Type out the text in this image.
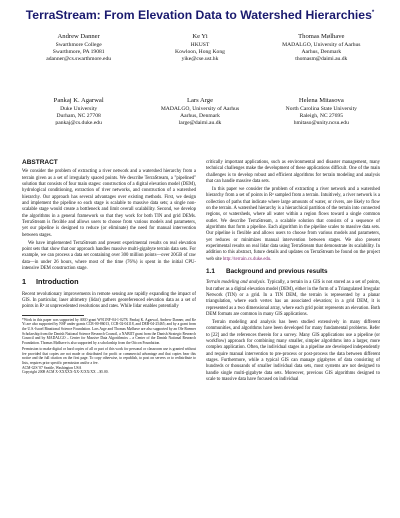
TerraStream: From Elevation Data to Watershed Hierarchies*
Andrew Danner
Swarthmore College
Swarthmore, PA 19081
adanner@cs.swarthmore.edu
Ke Yi
HKUST
Kowloon, Hong Kong
yike@cse.ust.hk
Thomas Mølhave
MADALGO, University of Aarhus
Aarhus, Denmark
thomasm@daimi.au.dk
Pankaj K. Agarwal
Duke University
Durham, NC 27708
pankaj@cs.duke.edu
Lars Arge
MADALGO, University of Aarhus
Aarhus, Denmark
large@daimi.au.dk
Helena Mitasova
North Carolina State University
Raleigh, NC 27695
hmitaso@unity.ncsu.edu
ABSTRACT

We consider the problem of extracting a river network and a watershed hierarchy from a terrain given as a set of irregularly spaced points. We describe TerraStream, a "pipelined" solution that consists of four main stages: construction of a digital elevation model (DEM), hydrological conditioning, extraction of river networks, and construction of a watershed hierarchy. Our approach has several advantages over existing methods. First, we design and implement the pipeline so each stage is scalable to massive data sets; a single non-scalable stage would create a bottleneck and limit overall scalability. Second, we develop the algorithms in a general framework so that they work for both TIN and grid DEMs. TerraStream is flexible and allows users to choose from various models and parameters, yet our pipeline is designed to reduce (or eliminate) the need for manual intervention between stages.

We have implemented TerraStream and present experimental results on real elevation point sets that show that our approach handles massive multi-gigabyte terrain data sets. For example, we can process a data set containing over 300 million points—over 20GB of raw data—in under 26 hours, where most of the time (76%) is spent in the initial CPU-intensive DEM construction stage.

1 Introduction

Recent revolutionary improvements in remote sensing are rapidly expanding the impact of GIS. In particular, laser altimetry (lidar) gathers georeferenced elevation data as a set of points in R³ at unprecedented resolutions and rates. While lidar enables potentially

*Work in this paper was supported by ARO grant W911NF-04-1-0278. Pankaj K. Agarwal, Andrew Danner, and Ke Yi are also supported by NSF under grants CCR-00-86013, CCR-02-04118, and DEB-04-25465; and by a grant from the U.S.-Israel Binational Science Foundation. Lars Arge and Thomas Mølhave are also supported by an Ole Roemer Scholarship from the Danish National Science Research Council, a NABIIT grant from the Danish Strategic Research Council and by MADALGO – Center for Massive Data Algorithmics – a Center of the Danish National Research Foundation. Thomas Mølhave is also supported by a scholarship from the Oticon Foundation.
Permission to make digital or hard copies of all or part of this work for personal or classroom use is granted without fee provided that copies are not made or distributed for profit or commercial advantage and that copies bear this notice and the full citation on the first page. To copy otherwise, to republish, to post on servers or to redistribute to lists, requires prior specific permission and/or a fee.
ACM-GIS '07 Seattle, Washington USA
Copyright 2008 ACM X-XXXXX-XX-X/XX/XX ...$5.00.

critically important applications, such as environmental and disaster management, many technical challenges make the development of these applications difficult. One of the main challenges is to develop robust and efficient algorithms for terrain modeling and analysis that can handle massive data sets.

In this paper we consider the problem of extracting a river network and a watershed hierarchy from a set of points in R³ sampled from a terrain. Intuitively, a river network is a collection of paths that indicate where large amounts of water, or rivers, are likely to flow on the terrain. A watershed hierarchy is a hierarchical partition of the terrain into connected regions, or watersheds, where all water within a region flows toward a single common outlet. We describe TerraStream, a scalable solution that consists of a sequence of algorithms that form a pipeline. Each algorithm in the pipeline scales to massive data sets. Our pipeline is flexible and allows users to choose from various models and parameters, yet reduces or minimizes manual intervention between stages. We also present experimental results on real lidar data using TerraStream that demonstrate its scalability. In addition to this abstract, future details and updates on TerraStream be found on the project web site http://terrain.cs.duke.edu.

1.1 Background and previous results

Terrain modeling and analysis. Typically, a terrain in a GIS is not stored as a set of points, but rather as a digital elevation model (DEM), either in the form of a Triangulated Irregular Network (TIN) or a grid. In a TIN DEM, the terrain is represented by a planar triangulation, where each vertex has an associated elevation; in a grid DEM, it is represented as a two dimensional array, where each grid point represents an elevation. Both DEM formats are common in many GIS applications.

Terrain modeling and analysis has been studied extensively in many different communities, and algorithms have been developed for many fundamental problems. Refer to [22] and the references therein for a survey. Many GIS applications use a pipeline (or workflow) approach for combining many smaller, simpler algorithms into a larger, more complex application. Often, the individual stages in a pipeline are developed independently and require manual intervention to pre-process or post-process the data between different stages. Furthermore, while a typical GIS can manage gigabytes of data consisting of hundreds or thousands of smaller individual data sets, most systems are not designed to handle single multi-gigabyte data sets. Moreover, previous GIS algorithms designed to scale to massive data have focused on individual
